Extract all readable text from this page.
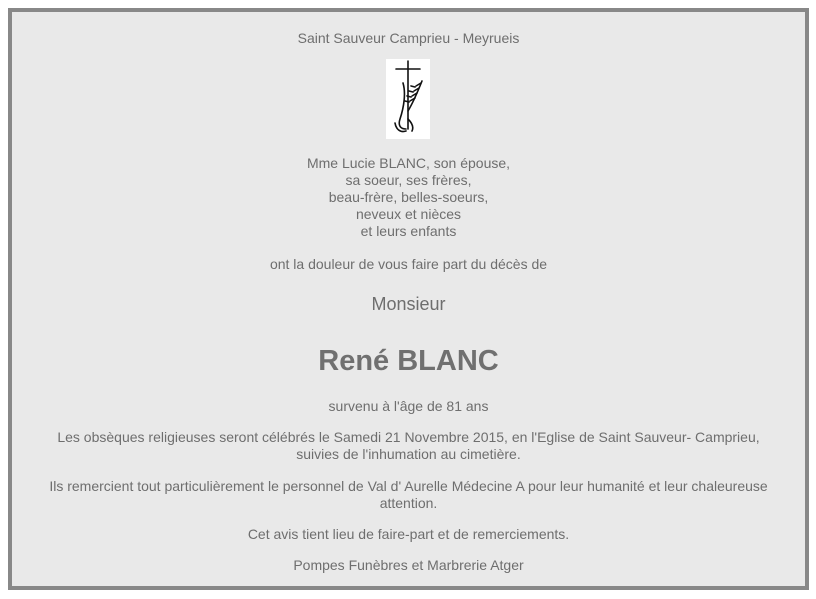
Saint Sauveur Camprieu - Meyrueis
Mme Lucie BLANC, son épouse,
sa soeur, ses frères,
beau-frère, belles-soeurs,
neveux et nièces
et leurs enfants
ont la douleur de vous faire part du décès de
Monsieur
René BLANC
survenu à l'âge de 81 ans
Les obsèques religieuses seront célébrés le Samedi 21 Novembre 2015, en l'Eglise de Saint Sauveur- Camprieu,
suivies de l'inhumation au cimetière.
Ils remercient tout particulièrement le personnel de Val d' Aurelle Médecine A pour leur humanité et leur chaleureuse
attention.
Cet avis tient lieu de faire-part et de remerciements.
Pompes Funèbres et Marbrerie Atger
